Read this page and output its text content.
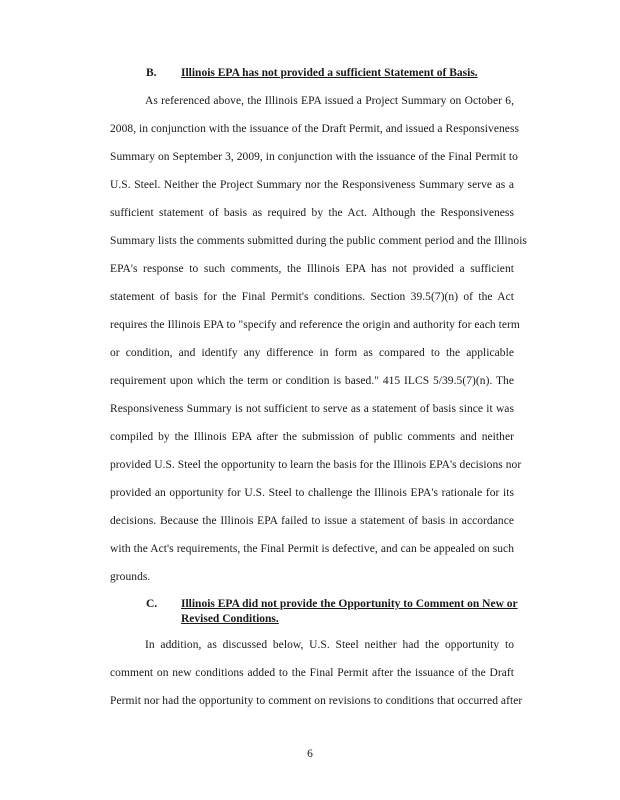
B. Illinois EPA has not provided a sufficient Statement of Basis.
As referenced above, the Illinois EPA issued a Project Summary on October 6,
2008, in conjunction with the issuance of the Draft Permit, and issued a Responsiveness
Summary on September 3, 2009, in conjunction with the issuance of the Final Permit to
U.S. Steel. Neither the Project Summary nor the Responsiveness Summary serve as a
sufficient statement of basis as required by the Act. Although the Responsiveness
Summary lists the comments submitted during the public comment period and the Illinois
EPA's response to such comments, the Illinois EPA has not provided a sufficient
statement of basis for the Final Permit's conditions. Section 39.5(7)(n) of the Act
requires the Illinois EPA to "specify and reference the origin and authority for each term
or condition, and identify any difference in form as compared to the applicable
requirement upon which the term or condition is based." 415 ILCS 5/39.5(7)(n). The
Responsiveness Summary is not sufficient to serve as a statement of basis since it was
compiled by the Illinois EPA after the submission of public comments and neither
provided U.S. Steel the opportunity to learn the basis for the Illinois EPA's decisions nor
provided an opportunity for U.S. Steel to challenge the Illinois EPA's rationale for its
decisions. Because the Illinois EPA failed to issue a statement of basis in accordance
with the Act's requirements, the Final Permit is defective, and can be appealed on such
grounds.
C. Illinois EPA did not provide the Opportunity to Comment on New or
Revised Conditions.
In addition, as discussed below, U.S. Steel neither had the opportunity to
comment on new conditions added to the Final Permit after the issuance of the Draft
Permit nor had the opportunity to comment on revisions to conditions that occurred after
6
